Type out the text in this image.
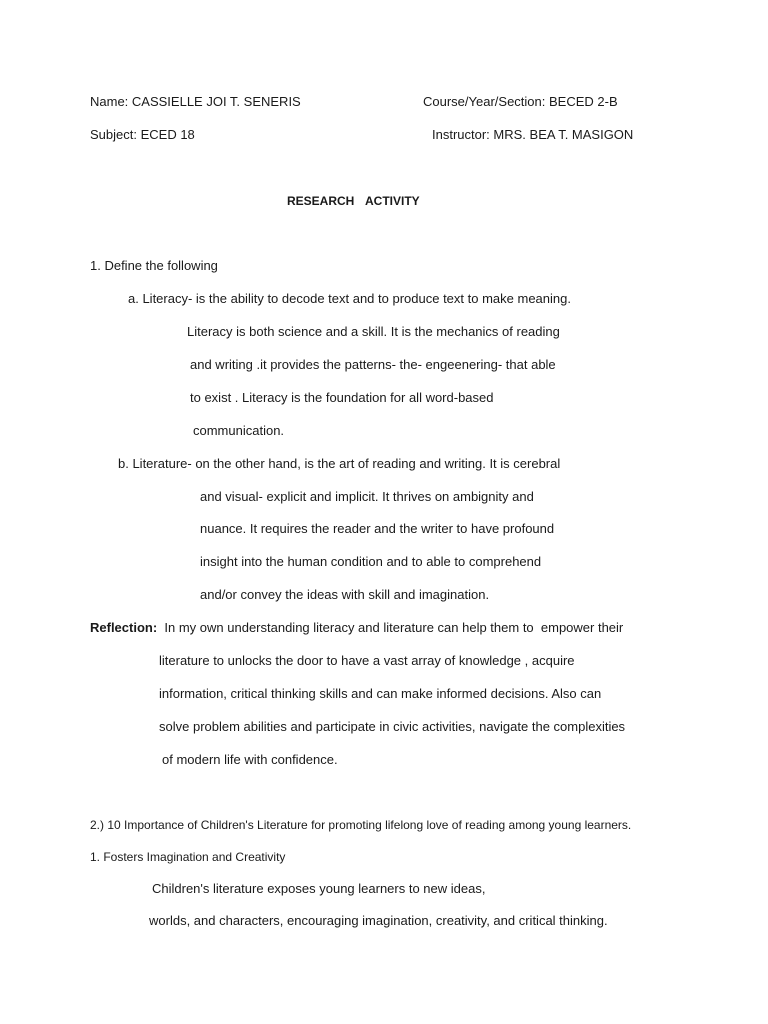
Name: CASSIELLE JOI T. SENERIS	Course/Year/Section: BECED 2-B
Subject: ECED 18	Instructor: MRS. BEA T. MASIGON
RESEARCH ACTIVITY
1. Define the following
a. Literacy- is the ability to decode text and to produce text to make meaning.
Literacy is both science and a skill. It is the mechanics of reading
and writing .it provides the patterns- the- engeenering- that able
to exist . Literacy is the foundation for all word-based
communication.
b. Literature- on the other hand, is the art of reading and writing. It is cerebral
and visual- explicit and implicit. It thrives on ambignity and
nuance. It requires the reader and the writer to have profound
insight into the human condition and to able to comprehend
and/or convey the ideas with skill and imagination.
Reflection:  In my own understanding literacy and literature can help them to  empower their
literature to unlocks the door to have a vast array of knowledge , acquire
information, critical thinking skills and can make informed decisions. Also can
solve problem abilities and participate in civic activities, navigate the complexities
of modern life with confidence.
2.) 10 Importance of Children's Literature for promoting lifelong love of reading among young learners.
1. Fosters Imagination and Creativity
Children's literature exposes young learners to new ideas,
worlds, and characters, encouraging imagination, creativity, and critical thinking.
